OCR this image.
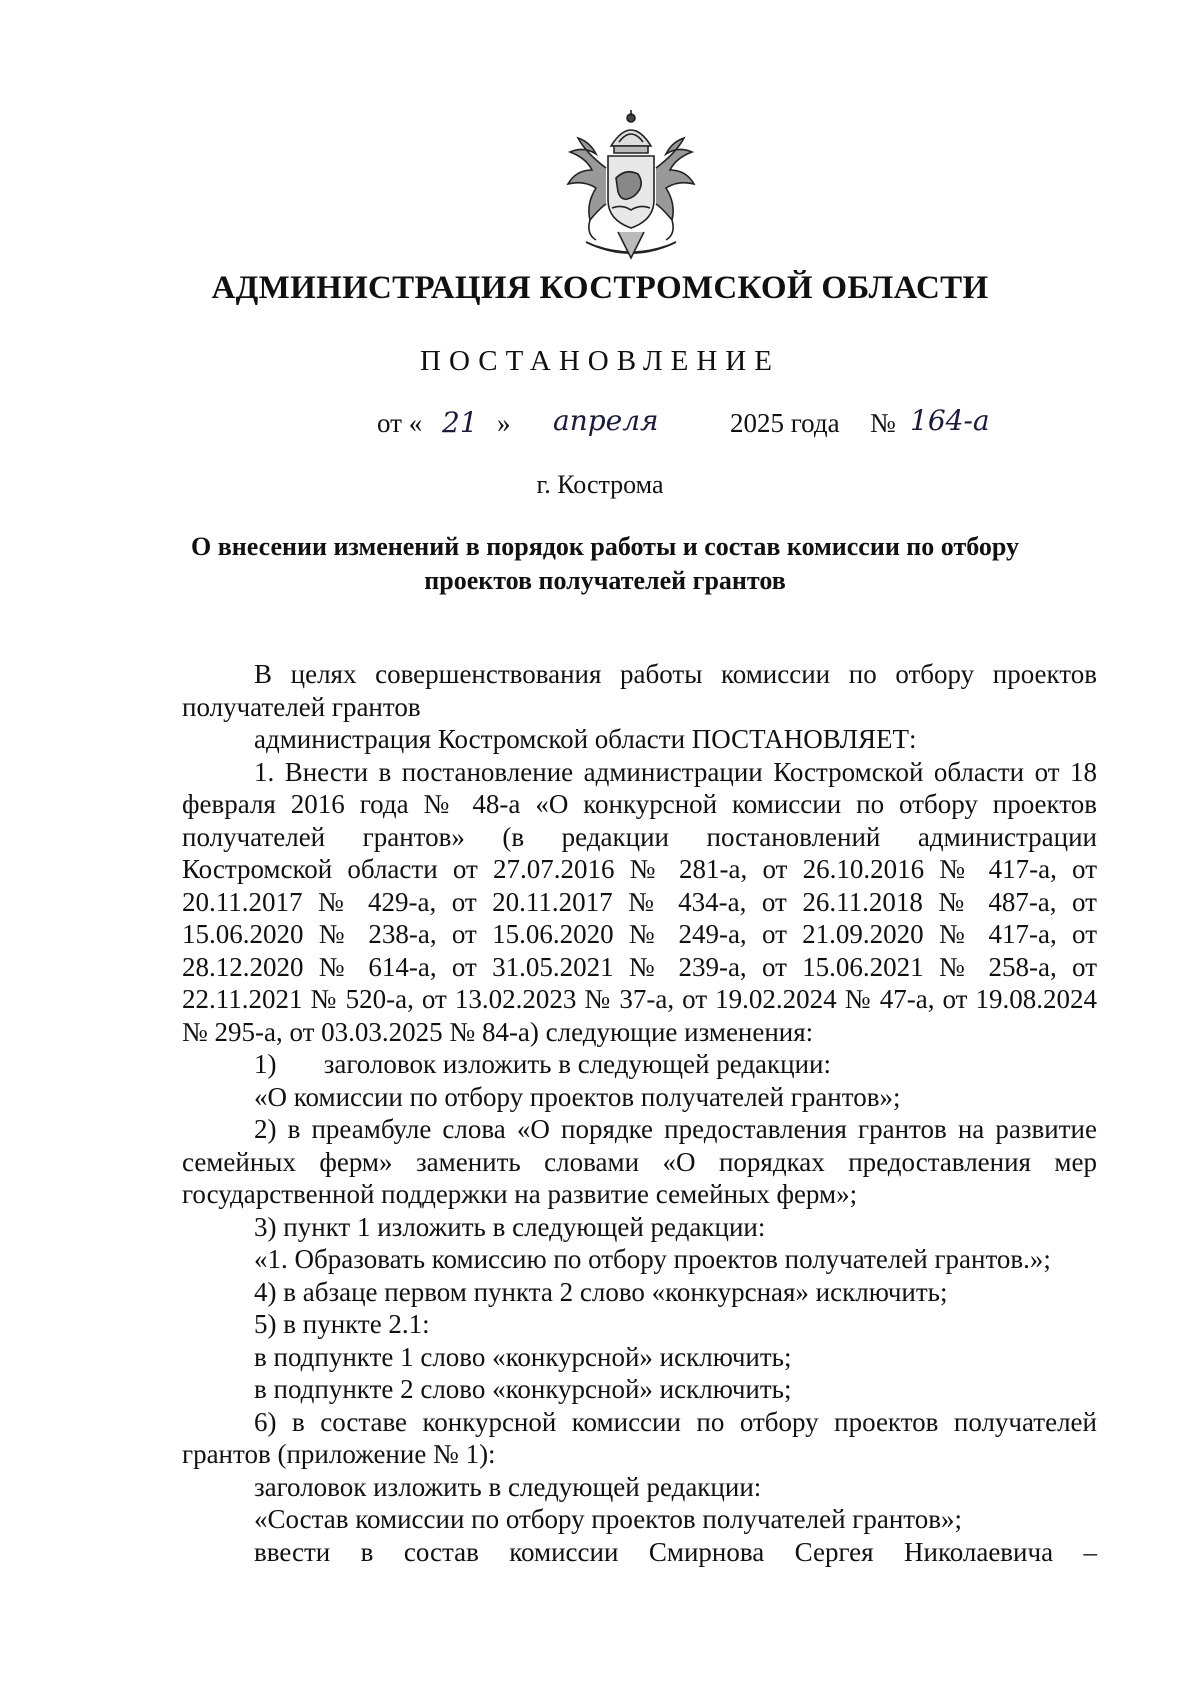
АДМИНИСТРАЦИЯ КОСТРОМСКОЙ ОБЛАСТИ
ПОСТАНОВЛЕНИЕ
от « 21 » апреля	2025 года № 164-а
г. Кострома
О внесении изменений в порядок работы и состав комиссии по отбору
проектов получателей грантов

В целях совершенствования работы комиссии по отбору проектов получателей грантов

администрация Костромской области ПОСТАНОВЛЯЕТ:

1. Внести в постановление администрации Костромской области от 18 февраля 2016 года № 48-а «О конкурсной комиссии по отбору проектов получателей грантов» (в редакции постановлений администрации Костромской области от 27.07.2016 № 281-а, от 26.10.2016 № 417-а, от 20.11.2017 № 429-а, от 20.11.2017 № 434-а, от 26.11.2018 № 487-а, от 15.06.2020 № 238-а, от 15.06.2020 № 249-а, от 21.09.2020 № 417-а, от 28.12.2020 № 614-а, от 31.05.2021 № 239-а, от 15.06.2021 № 258-а, от 22.11.2021 № 520-а, от 13.02.2023 № 37-а, от 19.02.2024 № 47-а, от 19.08.2024 № 295-а, от 03.03.2025 № 84-а) следующие изменения:

1)       заголовок изложить в следующей редакции:

«О комиссии по отбору проектов получателей грантов»;

2) в преамбуле слова «О порядке предоставления грантов на развитие семейных ферм» заменить словами «О порядках предоставления мер государственной поддержки на развитие семейных ферм»;

3) пункт 1 изложить в следующей редакции:

«1. Образовать комиссию по отбору проектов получателей грантов.»;

4) в абзаце первом пункта 2 слово «конкурсная» исключить;

5) в пункте 2.1:

в подпункте 1 слово «конкурсной» исключить;

в подпункте 2 слово «конкурсной» исключить;

6) в составе конкурсной комиссии по отбору проектов получателей грантов (приложение № 1):

заголовок изложить в следующей редакции:

«Состав комиссии по отбору проектов получателей грантов»;

ввести в состав комиссии Смирнова Сергея Николаевича –
